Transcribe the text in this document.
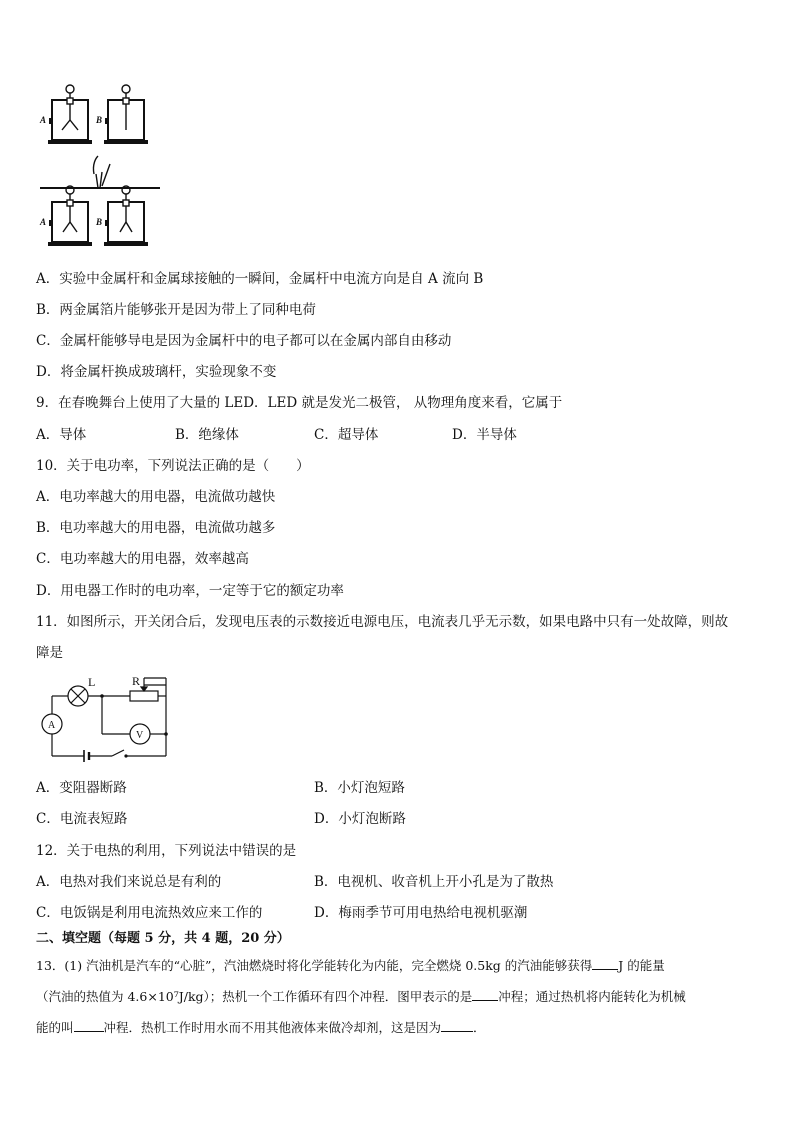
A	B
A	B
A．实验中金属杆和金属球接触的一瞬间，金属杆中电流方向是自 A 流向 B
B．两金属箔片能够张开是因为带上了同种电荷
C．金属杆能够导电是因为金属杆中的电子都可以在金属内部自由移动
D．将金属杆换成玻璃杆，实验现象不变
9．在春晚舞台上使用了大量的 LED．LED 就是发光二极管， 从物理角度来看，它属于
A．导体	B．绝缘体	C．超导体	D．半导体
10．关于电功率，下列说法正确的是（　　）
A．电功率越大的用电器，电流做功越快
B．电功率越大的用电器，电流做功越多
C．电功率越大的用电器，效率越高
D．用电器工作时的电功率，一定等于它的额定功率
11．如图所示，开关闭合后，发现电压表的示数接近电源电压，电流表几乎无示数，如果电路中只有一处故障，则故
障是
L	R
A
V
A．变阻器断路	B．小灯泡短路
C．电流表短路	D．小灯泡断路
12．关于电热的利用，下列说法中错误的是
A．电热对我们来说总是有利的	B．电视机、收音机上开小孔是为了散热
C．电饭锅是利用电流热效应来工作的	D．梅雨季节可用电热给电视机驱潮
二、填空题（每题 5 分，共 4 题，20 分）
13．(1) 汽油机是汽车的“心脏”，汽油燃烧时将化学能转化为内能，完全燃烧 0.5kg 的汽油能够获得 J 的能量
（汽油的热值为 4.6×10⁷J/kg）；热机一个工作循环有四个冲程．图甲表示的是 冲程；通过热机将内能转化为机械
能的叫 冲程．热机工作时用水而不用其他液体来做冷却剂，这是因为	．
